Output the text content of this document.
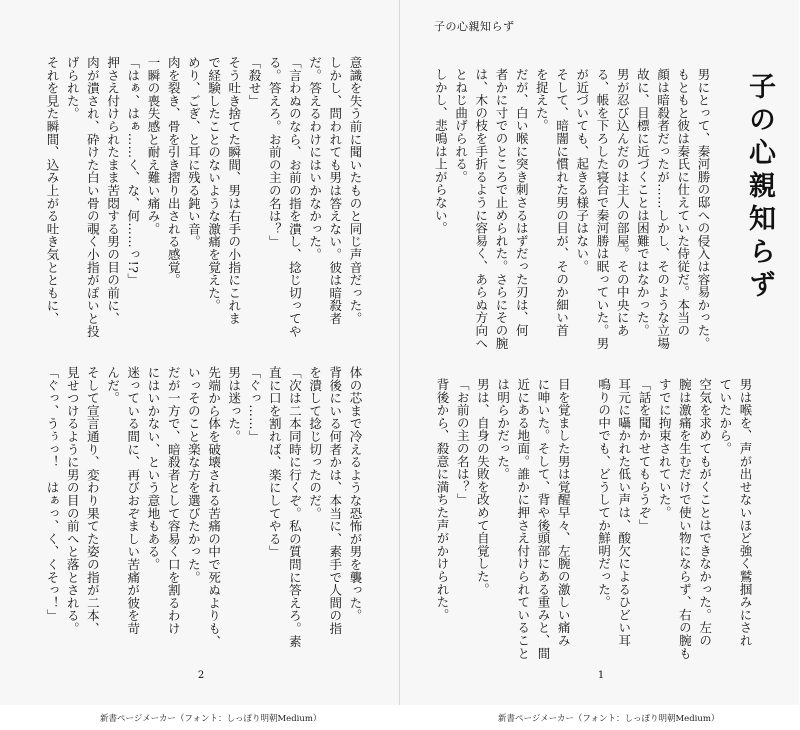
意識を失う前に聞いたものと同じ声音だった。
しかし、問われても男は答えない。彼は暗殺者
だ。答えるわけにはいかなかった。
「言わぬのなら、お前の指を潰し、捻じ切ってや
る。答えろ。お前の主の名は？」
「殺せ」
そう吐き捨てた瞬間、男は右手の小指にこれま
で経験したことのないような激痛を覚えた。
めり、ごぎ、と耳に残る鈍い音。
肉を裂き、骨を引き摺り出される感覚。
一瞬の喪失感と耐え難い痛み。
「はぁ、はぁ……く、な、何……っ!?」
押さえ付けられたまま苦悶する男の目の前に、
肉が潰され、砕けた白い骨の覗く小指がぽいと投
げられた。
それを見た瞬間、込み上がる吐き気とともに、
体の芯まで冷えるような恐怖が男を襲った。
背後にいる何者かは、本当に、素手で人間の指
を潰して捻じ切ったのだ。
「次は二本同時に行くぞ。私の質問に答えろ。素
直に口を割れば、楽にしてやる」
「ぐっ……」
男は迷った。
先端から体を破壊される苦痛の中で死ぬよりも、
いっそのこと楽な方を選びたかった。
だが一方で、暗殺者として容易く口を割るわけ
にはいかない、という意地もある。
迷っている間に、再びおぞましい苦痛が彼を苛
んだ。
そして宣言通り、変わり果てた姿の指が二本、
見せつけるように男の目の前へと落とされる。
「ぐっ、うぅっ！　はぁっ、く、くそっ！」
2
子の心親知らず
子の心親知らず
男にとって、秦河勝の邸への侵入は容易かった。
もともと彼は秦氏に仕えていた侍従だ。本当の
顔は暗殺者だったが……しかし、そのような立場
故に、目標に近づくことは困難ではなかった。
男が忍び込んだのは主人の部屋。その中央にあ
る、帳を下ろした寝台で秦河勝は眠っていた。男
が近づいても、起きる様子はない。
そして、暗闇に慣れた男の目が、そのか細い首
を捉えた。
だが、白い喉に突き刺さるはずだった刃は、何
者かに寸でのところで止められた。さらにその腕
は、木の枝を手折るように容易く、あらぬ方向へ
とねじ曲げられる。
しかし、悲鳴は上がらない。
男は喉を、声が出せないほど強く鷲掴みにされ
ていたから。
空気を求めてもがくことはできなかった。左の
腕は激痛を生むだけで使い物にならず、右の腕も
すでに拘束されていた。
「話を聞かせてもらうぞ」
耳元に囁かれた低い声は、酸欠によるひどい耳
鳴りの中でも、どうしてか鮮明だった。
目を覚ました男は覚醒早々、左腕の激しい痛み
に呻いた。そして、背や後頭部にある重みと、間
近にある地面。誰かに押さえ付けられていること
は明らかだった。
男は、自身の失敗を改めて自覚した。
「お前の主の名は？」
背後から、殺意に満ちた声がかけられた。
1
新書ページメーカー（フォント：しっぽり明朝Medium）	新書ページメーカー（フォント：しっぽり明朝Medium）
